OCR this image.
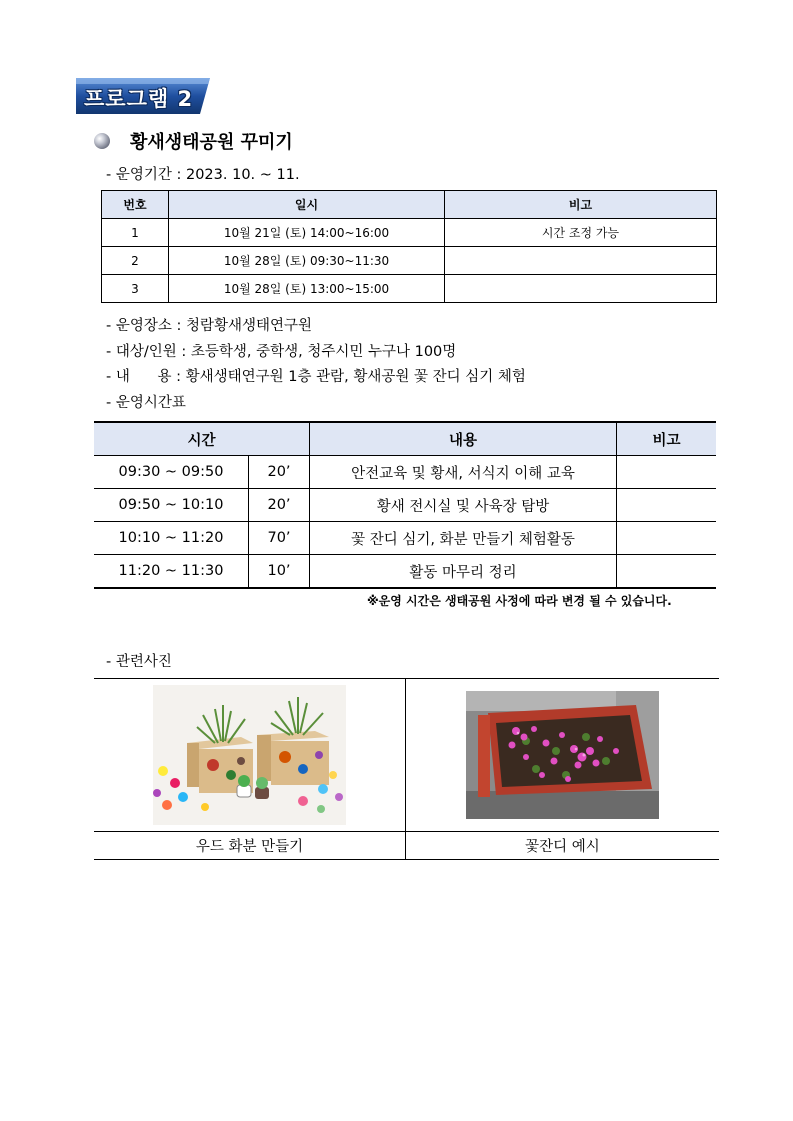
프로그램 2
황새생태공원 꾸미기
- 운영기간 : 2023. 10. ~ 11.
번호	일시	비고
1	10월 21일 (토) 14:00~16:00	시간 조정 가능
2	10월 28일 (토) 09:30~11:30	
3	10월 28일 (토) 13:00~15:00	
- 운영장소 : 청람황새생태연구원
- 대상/인원 : 초등학생, 중학생, 청주시민 누구나 100명
- 내      용 : 황새생태연구원 1층 관람, 황새공원 꽃 잔디 심기 체험
- 운영시간표
시간		내용	비고
09:30 ~ 09:50	20’	안전교육 및 황새, 서식지 이해 교육	
09:50 ~ 10:10	20’	황새 전시실 및 사육장 탐방	
10:10 ~ 11:20	70’	꽃 잔디 심기, 화분 만들기 체험활동	
11:20 ~ 11:30	10’	활동 마무리 정리	
※운영 시간은 생태공원 사정에 따라 변경 될 수 있습니다.
- 관련사진

우드 화분 만들기	꽃잔디 예시
